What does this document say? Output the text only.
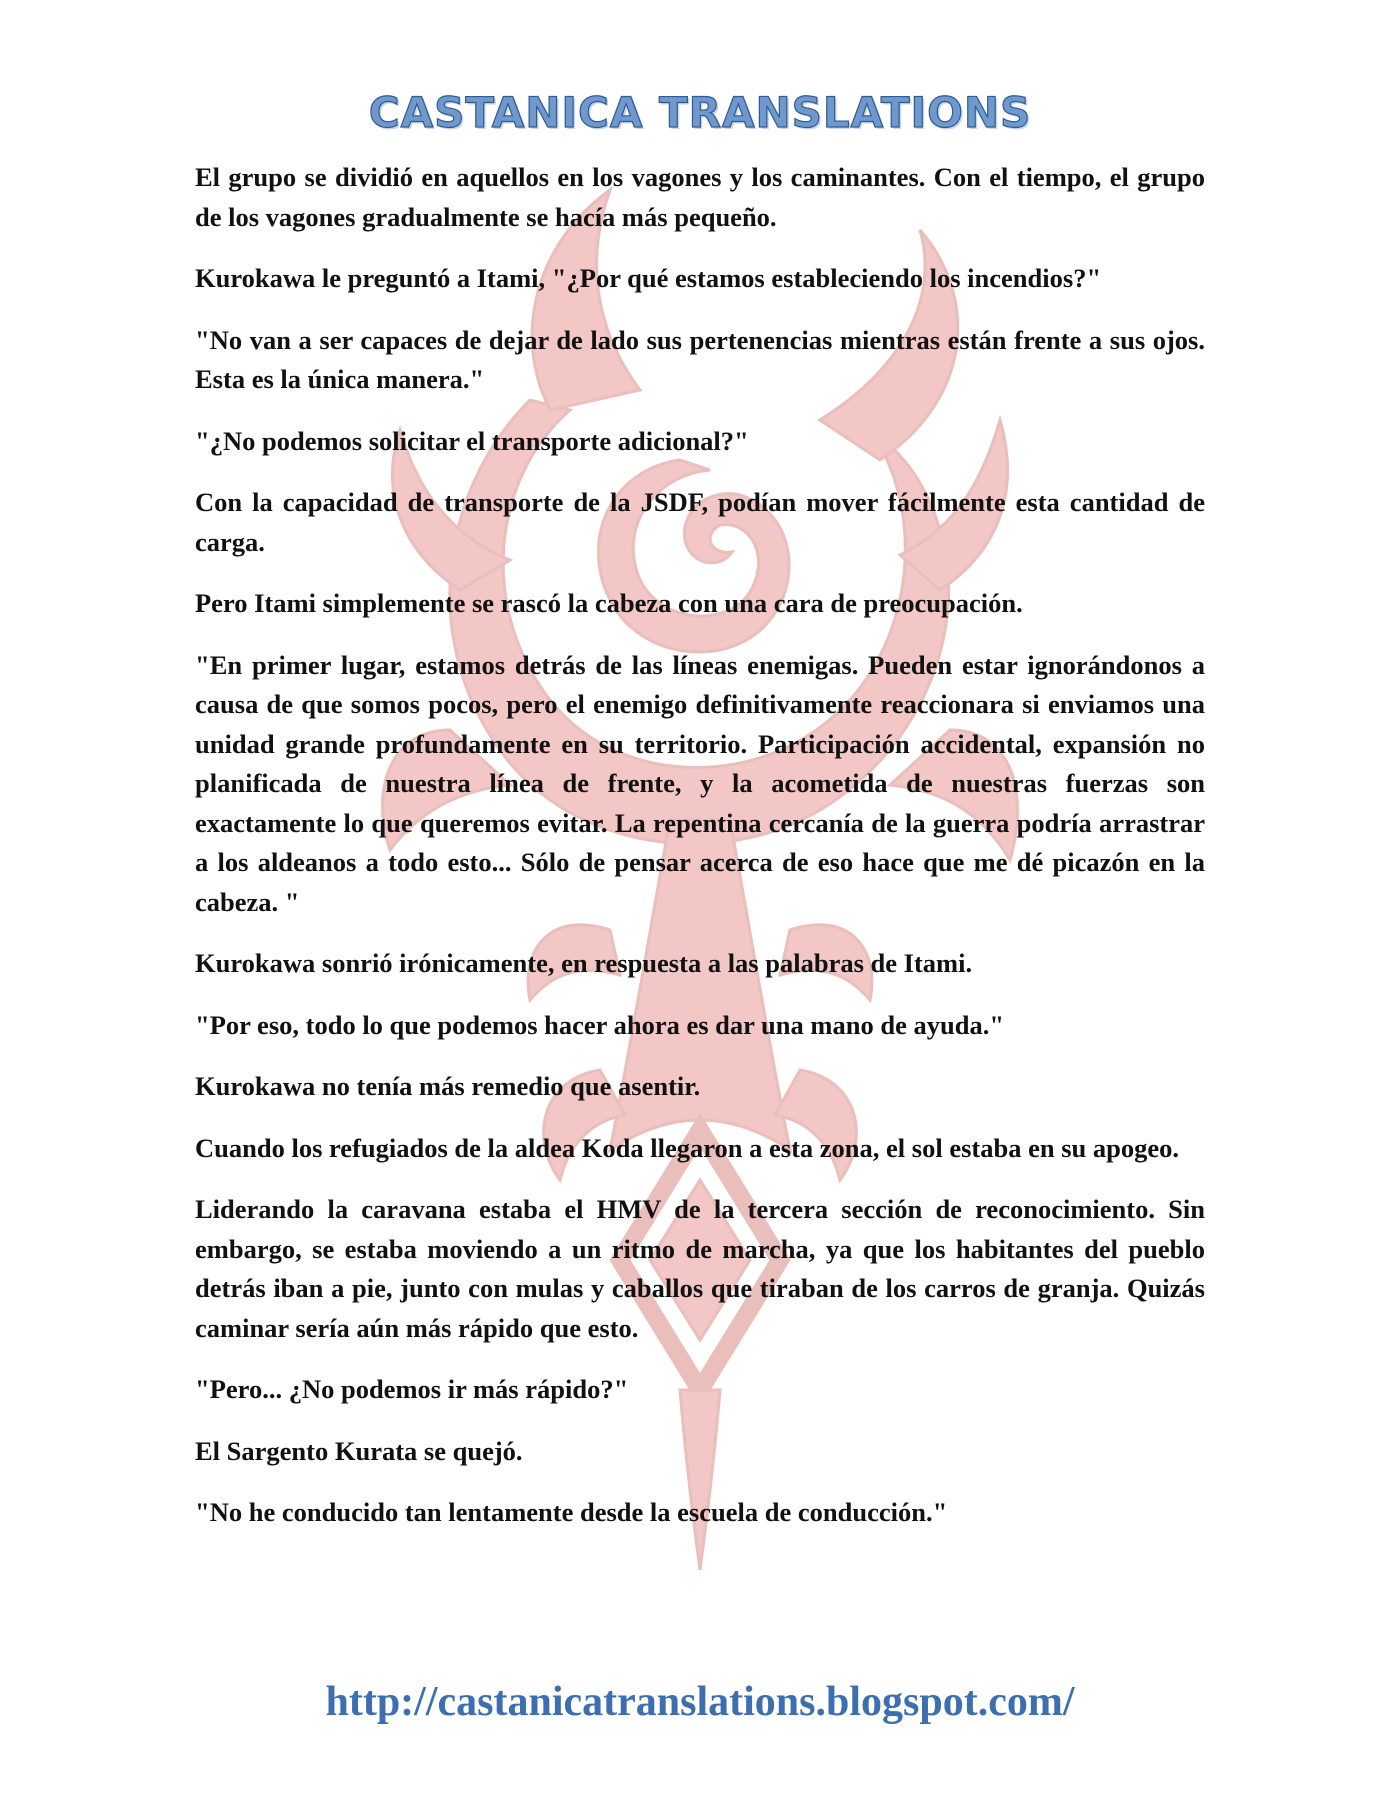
CASTANICA TRANSLATIONS

El grupo se dividió en aquellos en los vagones y los caminantes. Con el tiempo, el grupo de los vagones gradualmente se hacía más pequeño.

Kurokawa le preguntó a Itami, "¿Por qué estamos estableciendo los incendios?"

"No van a ser capaces de dejar de lado sus pertenencias mientras están frente a sus ojos. Esta es la única manera."

"¿No podemos solicitar el transporte adicional?"

Con la capacidad de transporte de la JSDF, podían mover fácilmente esta cantidad de carga.

Pero Itami simplemente se rascó la cabeza con una cara de preocupación.

"En primer lugar, estamos detrás de las líneas enemigas. Pueden estar ignorándonos a causa de que somos pocos, pero el enemigo definitivamente reaccionara si enviamos una unidad grande profundamente en su territorio. Participación accidental, expansión no planificada de nuestra línea de frente, y la acometida de nuestras fuerzas son exactamente lo que queremos evitar. La repentina cercanía de la guerra podría arrastrar a los aldeanos a todo esto... Sólo de pensar acerca de eso hace que me dé picazón en la cabeza. "

Kurokawa sonrió irónicamente, en respuesta a las palabras de Itami.

"Por eso, todo lo que podemos hacer ahora es dar una mano de ayuda."

Kurokawa no tenía más remedio que asentir.

Cuando los refugiados de la aldea Koda llegaron a esta zona, el sol estaba en su apogeo.

Liderando la caravana estaba el HMV de la tercera sección de reconocimiento. Sin embargo, se estaba moviendo a un ritmo de marcha, ya que los habitantes del pueblo detrás iban a pie, junto con mulas y caballos que tiraban de los carros de granja. Quizás caminar sería aún más rápido que esto.

"Pero... ¿No podemos ir más rápido?"

El Sargento Kurata se quejó.

"No he conducido tan lentamente desde la escuela de conducción."

http://castanicatranslations.blogspot.com/
